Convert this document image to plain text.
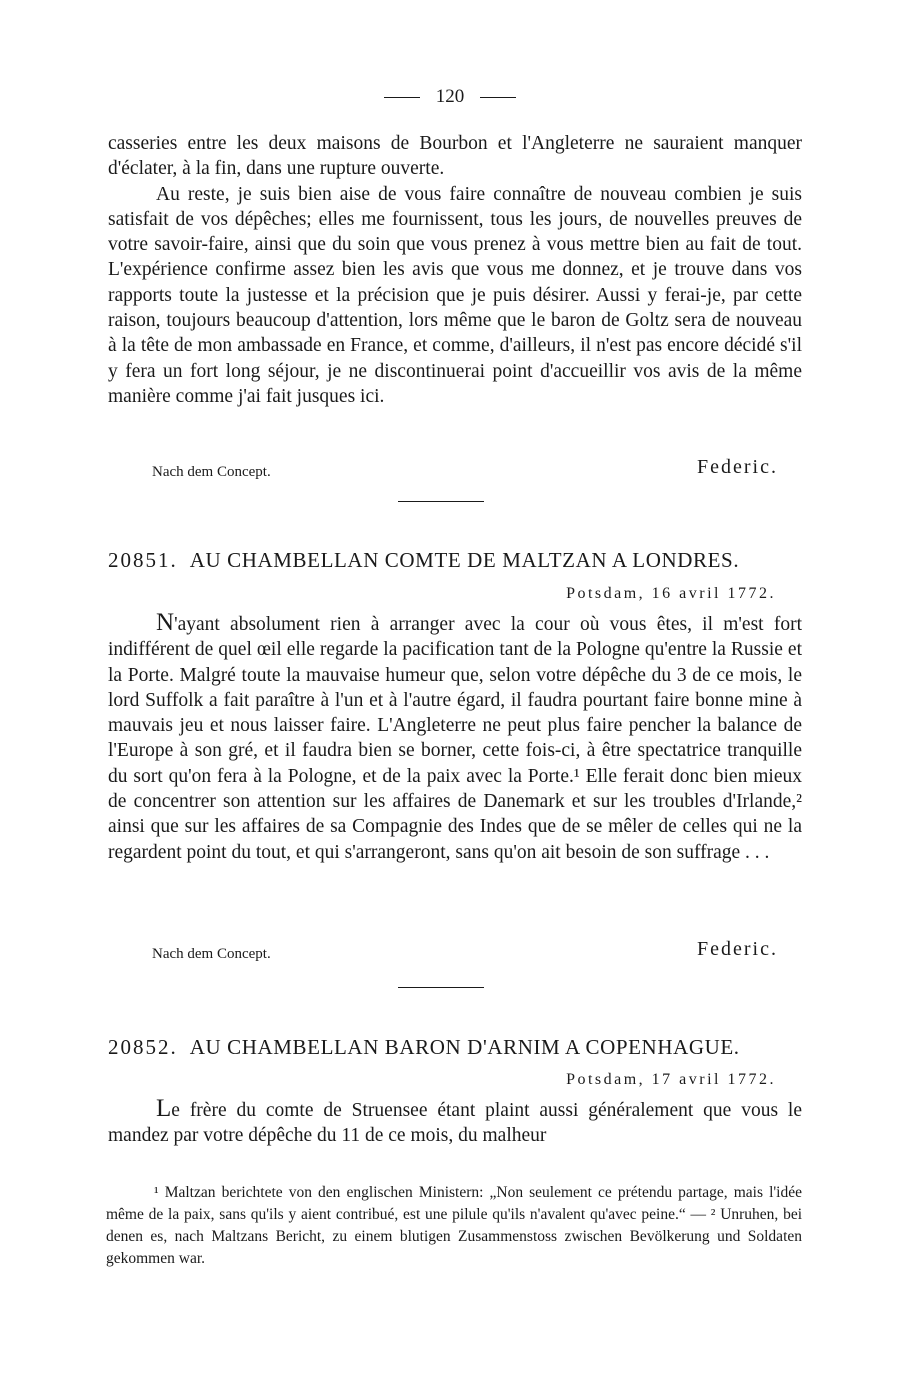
120

casseries entre les deux maisons de Bourbon et l'Angleterre ne sauraient manquer d'éclater, à la fin, dans une rupture ouverte.

Au reste, je suis bien aise de vous faire connaître de nouveau combien je suis satisfait de vos dépêches; elles me fournissent, tous les jours, de nouvelles preuves de votre savoir-faire, ainsi que du soin que vous prenez à vous mettre bien au fait de tout. L'expérience confirme assez bien les avis que vous me donnez, et je trouve dans vos rapports toute la justesse et la précision que je puis désirer. Aussi y ferai-je, par cette raison, toujours beaucoup d'attention, lors même que le baron de Goltz sera de nouveau à la tête de mon ambassade en France, et comme, d'ailleurs, il n'est pas encore décidé s'il y fera un fort long séjour, je ne discontinuerai point d'accueillir vos avis de la même manière comme j'ai fait jusques ici.

Nach dem Concept.	Federic.
20851. AU CHAMBELLAN COMTE DE MALTZAN A LONDRES.
Potsdam, 16 avril 1772.

N'ayant absolument rien à arranger avec la cour où vous êtes, il m'est fort indifférent de quel œil elle regarde la pacification tant de la Pologne qu'entre la Russie et la Porte. Malgré toute la mauvaise humeur que, selon votre dépêche du 3 de ce mois, le lord Suffolk a fait paraître à l'un et à l'autre égard, il faudra pourtant faire bonne mine à mauvais jeu et nous laisser faire. L'Angleterre ne peut plus faire pencher la balance de l'Europe à son gré, et il faudra bien se borner, cette fois-ci, à être spectatrice tranquille du sort qu'on fera à la Pologne, et de la paix avec la Porte.¹ Elle ferait donc bien mieux de concentrer son attention sur les affaires de Danemark et sur les troubles d'Irlande,² ainsi que sur les affaires de sa Compagnie des Indes que de se mêler de celles qui ne la regardent point du tout, et qui s'arrangeront, sans qu'on ait besoin de son suffrage . . .

Nach dem Concept.	Federic.
20852. AU CHAMBELLAN BARON D'ARNIM A COPENHAGUE.
Potsdam, 17 avril 1772.

Le frère du comte de Struensee étant plaint aussi généralement que vous le mandez par votre dépêche du 11 de ce mois, du malheur

¹ Maltzan berichtete von den englischen Ministern: „Non seulement ce prétendu partage, mais l'idée même de la paix, sans qu'ils y aient contribué, est une pilule qu'ils n'avalent qu'avec peine.“ — ² Unruhen, bei denen es, nach Maltzans Bericht, zu einem blutigen Zusammenstoss zwischen Bevölkerung und Soldaten gekommen war.
